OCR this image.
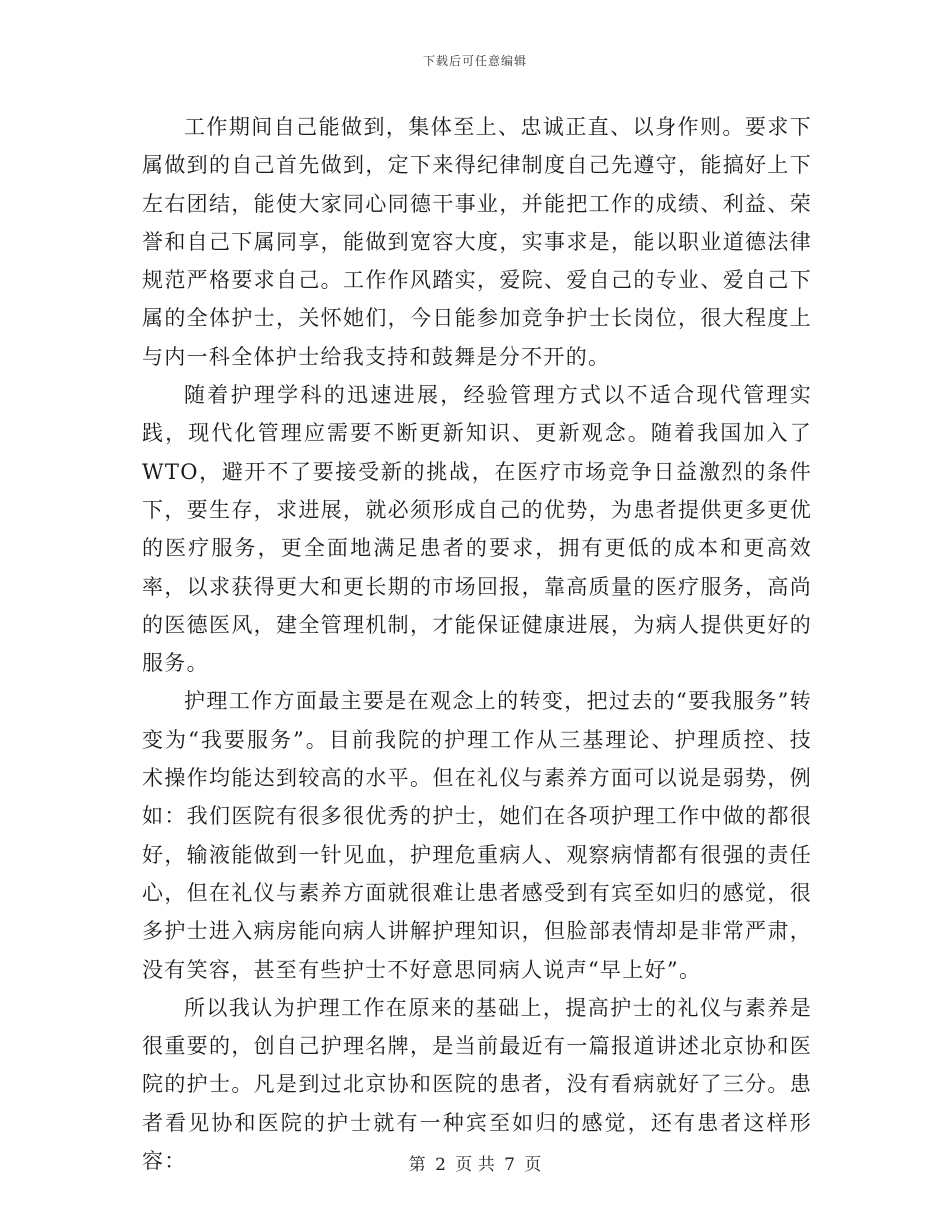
下载后可任意编辑

工作期间自己能做到，集体至上、忠诚正直、以身作则。要求下属做到的自己首先做到，定下来得纪律制度自己先遵守，能搞好上下左右团结，能使大家同心同德干事业，并能把工作的成绩、利益、荣誉和自己下属同享，能做到宽容大度，实事求是，能以职业道德法律规范严格要求自己。工作作风踏实，爱院、爱自己的专业、爱自己下属的全体护士，关怀她们，今日能参加竞争护士长岗位，很大程度上与内一科全体护士给我支持和鼓舞是分不开的。

随着护理学科的迅速进展，经验管理方式以不适合现代管理实践，现代化管理应需要不断更新知识、更新观念。随着我国加入了WTO，避开不了要接受新的挑战，在医疗市场竞争日益激烈的条件下，要生存，求进展，就必须形成自己的优势，为患者提供更多更优的医疗服务，更全面地满足患者的要求，拥有更低的成本和更高效率，以求获得更大和更长期的市场回报，靠高质量的医疗服务，高尚的医德医风，建全管理机制，才能保证健康进展，为病人提供更好的服务。

护理工作方面最主要是在观念上的转变，把过去的“要我服务”转变为“我要服务”。目前我院的护理工作从三基理论、护理质控、技术操作均能达到较高的水平。但在礼仪与素养方面可以说是弱势，例如：我们医院有很多很优秀的护士，她们在各项护理工作中做的都很好，输液能做到一针见血，护理危重病人、观察病情都有很强的责任心，但在礼仪与素养方面就很难让患者感受到有宾至如归的感觉，很多护士进入病房能向病人讲解护理知识，但脸部表情却是非常严肃，没有笑容，甚至有些护士不好意思同病人说声“早上好”。

所以我认为护理工作在原来的基础上，提高护士的礼仪与素养是很重要的，创自己护理名牌，是当前最近有一篇报道讲述北京协和医院的护士。凡是到过北京协和医院的患者，没有看病就好了三分。患者看见协和医院的护士就有一种宾至如归的感觉，还有患者这样形容：	第 2 页 共 7 页
